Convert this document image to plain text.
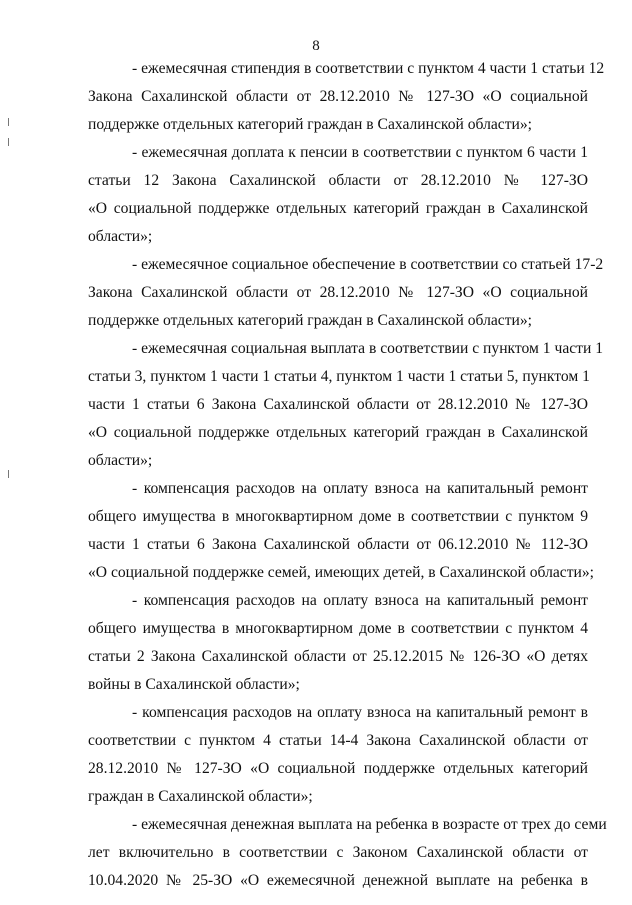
8
- ежемесячная стипендия в соответствии с пунктом 4 части 1 статьи 12
Закона Сахалинской области от 28.12.2010 № 127-ЗО «О социальной
поддержке отдельных категорий граждан в Сахалинской области»;
- ежемесячная доплата к пенсии в соответствии с пунктом 6 части 1
статьи 12 Закона Сахалинской области от 28.12.2010 № 127-ЗО
«О социальной поддержке отдельных категорий граждан в Сахалинской
области»;
- ежемесячное социальное обеспечение в соответствии со статьей 17-2
Закона Сахалинской области от 28.12.2010 № 127-ЗО «О социальной
поддержке отдельных категорий граждан в Сахалинской области»;
- ежемесячная социальная выплата в соответствии с пунктом 1 части 1
статьи 3, пунктом 1 части 1 статьи 4, пунктом 1 части 1 статьи 5, пунктом 1
части 1 статьи 6 Закона Сахалинской области от 28.12.2010 № 127-ЗО
«О социальной поддержке отдельных категорий граждан в Сахалинской
области»;
- компенсация расходов на оплату взноса на капитальный ремонт
общего имущества в многоквартирном доме в соответствии с пунктом 9
части 1 статьи 6 Закона Сахалинской области от 06.12.2010 № 112-ЗО
«О социальной поддержке семей, имеющих детей, в Сахалинской области»;
- компенсация расходов на оплату взноса на капитальный ремонт
общего имущества в многоквартирном доме в соответствии с пунктом 4
статьи 2 Закона Сахалинской области от 25.12.2015 № 126-ЗО «О детях
войны в Сахалинской области»;
- компенсация расходов на оплату взноса на капитальный ремонт в
соответствии с пунктом 4 статьи 14-4 Закона Сахалинской области от
28.12.2010 № 127-ЗО «О социальной поддержке отдельных категорий
граждан в Сахалинской области»;
- ежемесячная денежная выплата на ребенка в возрасте от трех до семи
лет включительно в соответствии с Законом Сахалинской области от
10.04.2020 № 25-ЗО «О ежемесячной денежной выплате на ребенка в
